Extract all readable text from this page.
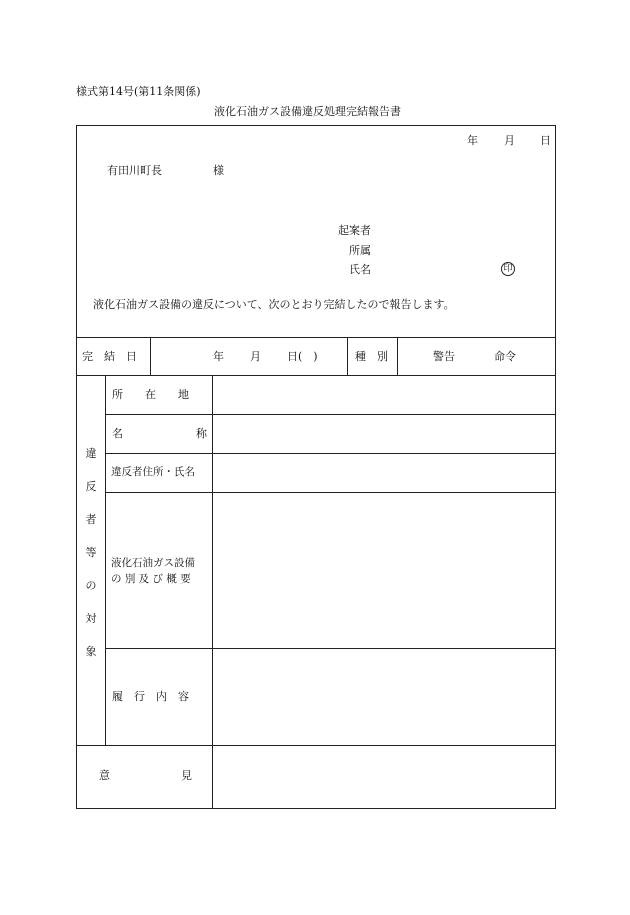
様式第14号(第11条関係)
液化石油ガス設備違反処理完結報告書
年 月 日
有田川町長	様
起案者
所属
氏名	印
液化石油ガス設備の違反について、次のとおり完結したので報告します。
完　結　日	年 月 日(　)	種　別	警告	命令
違
反
者
等
の
対
象
所　　在　　地
名	称
違反者住所・氏名
液化石油ガス設備
の 別 及 び 概 要
履　行　内　容
意	見
